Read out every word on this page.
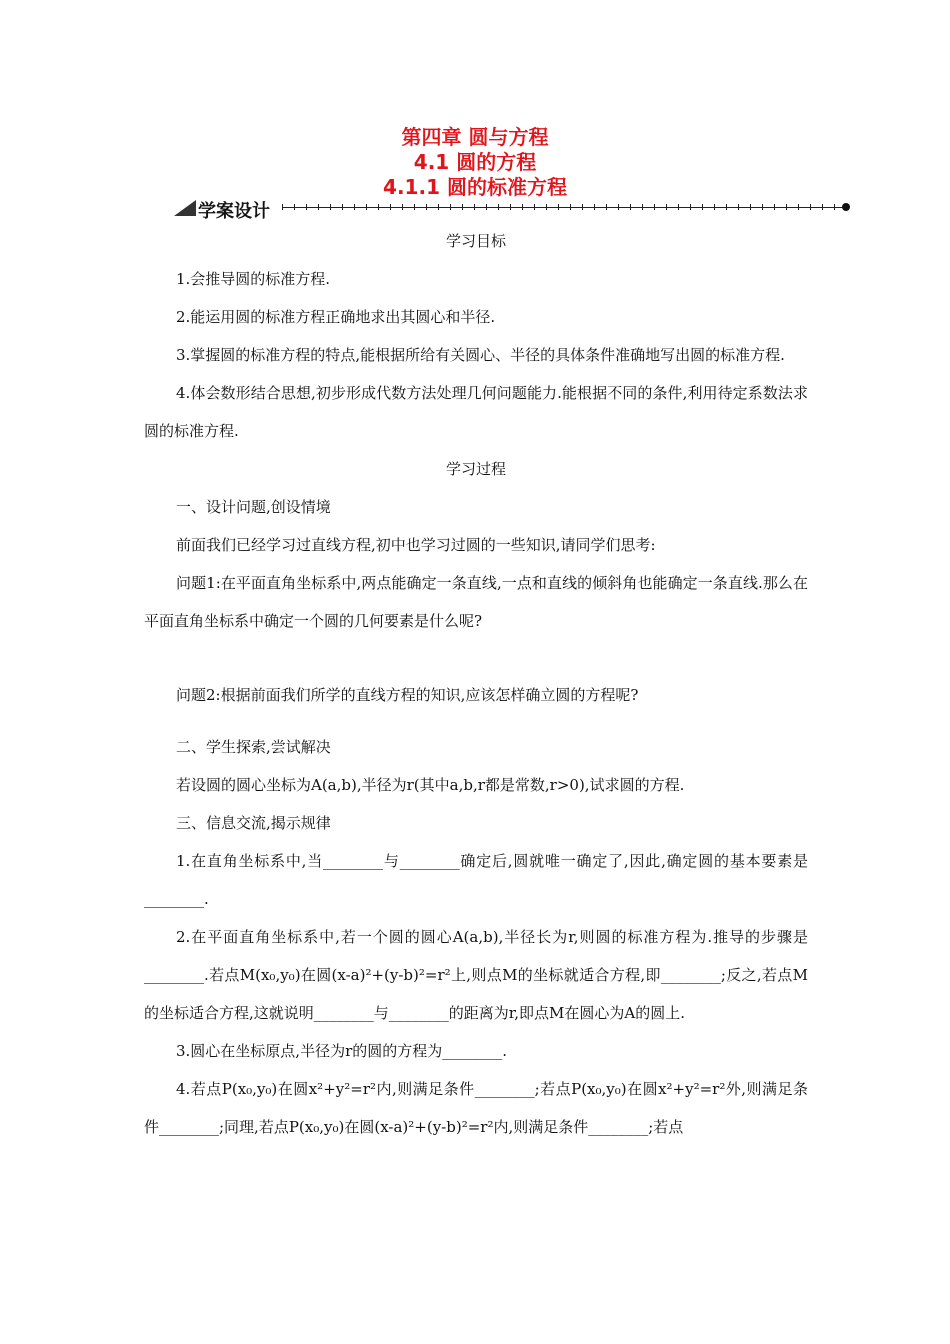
第四章 圆与方程
4.1 圆的方程
4.1.1 圆的标准方程
学案设计

学习目标

1.会推导圆的标准方程.

2.能运用圆的标准方程正确地求出其圆心和半径.

3.掌握圆的标准方程的特点,能根据所给有关圆心、半径的具体条件准确地写出圆的标准方程.

4.体会数形结合思想,初步形成代数方法处理几何问题能力.能根据不同的条件,利用待定系数法求圆的标准方程.

学习过程

一、设计问题,创设情境

前面我们已经学习过直线方程,初中也学习过圆的一些知识,请同学们思考:

问题1:在平面直角坐标系中,两点能确定一条直线,一点和直线的倾斜角也能确定一条直线.那么在平面直角坐标系中确定一个圆的几何要素是什么呢?

问题2:根据前面我们所学的直线方程的知识,应该怎样确立圆的方程呢?

二、学生探索,尝试解决

若设圆的圆心坐标为A(a,b),半径为r(其中a,b,r都是常数,r>0),试求圆的方程.

三、信息交流,揭示规律

1.在直角坐标系中,当________与________确定后,圆就唯一确定了,因此,确定圆的基本要素是________.

2.在平面直角坐标系中,若一个圆的圆心A(a,b),半径长为r,则圆的标准方程为.推导的步骤是________.若点M(x₀,y₀)在圆(x-a)²+(y-b)²=r²上,则点M的坐标就适合方程,即________;反之,若点M的坐标适合方程,这就说明________与________的距离为r,即点M在圆心为A的圆上.

3.圆心在坐标原点,半径为r的圆的方程为________.

4.若点P(x₀,y₀)在圆x²+y²=r²内,则满足条件________;若点P(x₀,y₀)在圆x²+y²=r²外,则满足条件________;同理,若点P(x₀,y₀)在圆(x-a)²+(y-b)²=r²内,则满足条件________;若点
